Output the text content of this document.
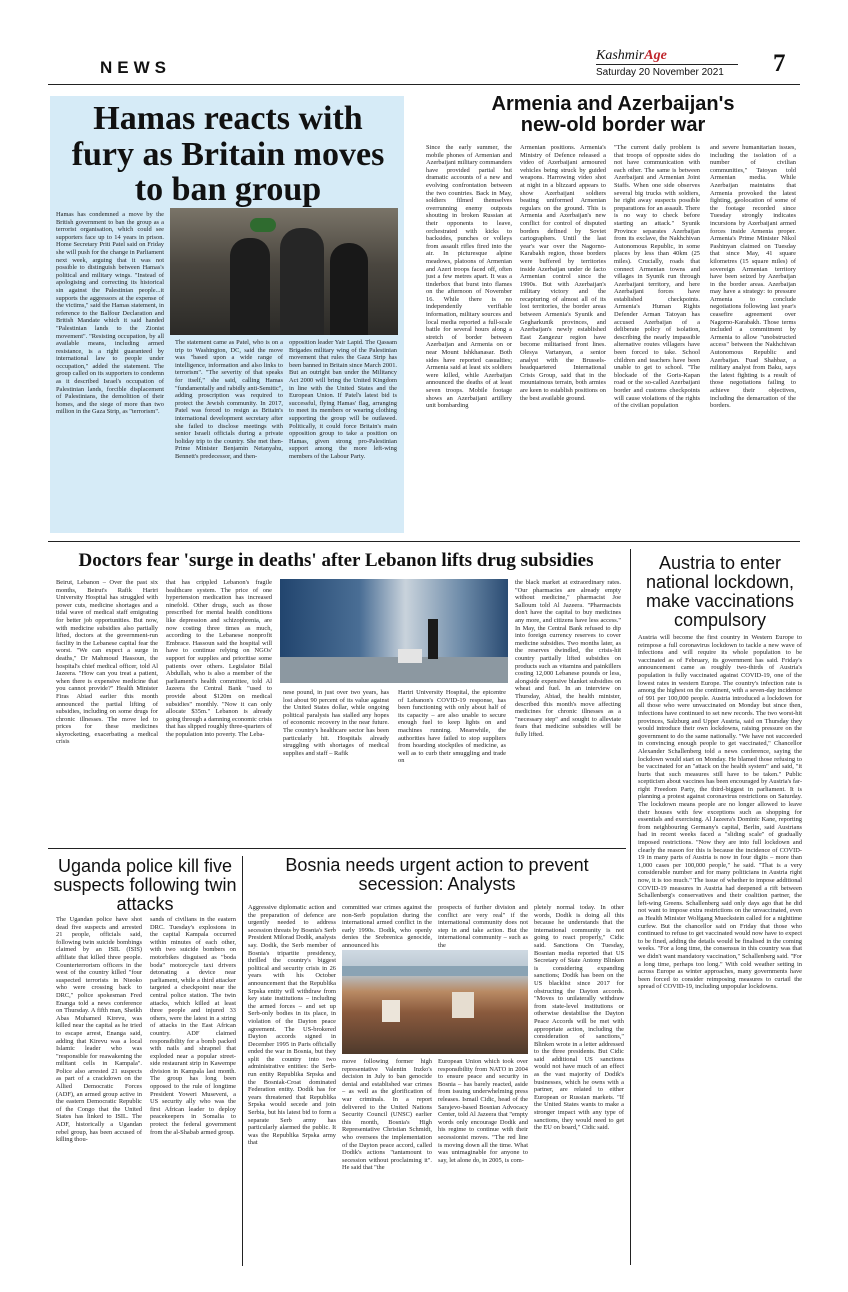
NEWS
KashmirAge
Saturday 20 November 2021 7
Hamas reacts with fury as Britain moves to ban group
Hamas has condemned a move by the British government to ban the group as a terrorist organisation, which could see supporters face up to 14 years in prison. Home Secretary Priti Patel said on Friday she will push for the change in Parliament next week, arguing that it was not possible to distinguish between Hamas's political and military wings. "Instead of apologising and correcting its historical sin against the Palestinian people...it supports the aggressors at the expense of the victims," said the Hamas statement, in reference to the Balfour Declaration and British Mandate which it said handed "Palestinian lands to the Zionist movement". "Resisting occupation, by all available means, including armed resistance, is a right guaranteed by international law to people under occupation," added the statement. The group called on its supporters to condemn as it described Israel's occupation of Palestinian lands, forcible displacement of Palestinians, the demolition of their homes, and the siege of more than two million in the Gaza Strip, as "terrorism".
The statement came as Patel, who is on a trip to Washington, DC, said the move was "based upon a wide range of intelligence, information and also links to terrorism". "The severity of that speaks for itself," she said, calling Hamas "fundamentally and rabidly anti-Semitic", adding proscription was required to protect the Jewish community. In 2017, Patel was forced to resign as Britain's international development secretary after she failed to disclose meetings with senior Israeli officials during a private holiday trip to the country. She met then-Prime Minister Benjamin Netanyahu, Bennett's predecessor, and then-
opposition leader Yair Lapid. The Qassam Brigades military wing of the Palestinian movement that rules the Gaza Strip has been banned in Britain since March 2001. But an outright ban under the Militancy Act 2000 will bring the United Kingdom in line with the United States and the European Union. If Patel's latest bid is successful, flying Hamas' flag, arranging to meet its members or wearing clothing supporting the group will be outlawed. Politically, it could force Britain's main opposition group to take a position on Hamas, given strong pro-Palestinian support among the more left-wing members of the Labour Party.
Armenia and Azerbaijan's new-old border war
Since the early summer, the mobile phones of Armenian and Azerbaijani military commanders have provided partial but dramatic accounts of a new and evolving confrontation between the two countries. Back in May, soldiers filmed themselves overrunning enemy outposts shouting in broken Russian at their opponents to leave, orchestrated with kicks to backsides, punches or volleys from assault rifles fired into the air. In picturesque alpine meadows, platoons of Armenian and Azeri troops faced off, often just a few metres apart. It was a tinderbox that burst into flames on the afternoon of November 16. While there is no independently verifiable information, military sources and local media reported a full-scale battle for several hours along a stretch of border between Azerbaijan and Armenia on or near Mount Ishkhanasar. Both sides have reported casualties; Armenia said at least six soldiers were killed, while Azerbaijan announced the deaths of at least seven troops. Mobile footage shows an Azerbaijani artillery unit bombarding
Armenian positions. Armenia's Ministry of Defence released a video of Azerbaijani armoured vehicles being struck by guided weapons. Harrowing video shot at night in a blizzard appears to show Azerbaijani soldiers beating uniformed Armenian regulars on the ground. This is Armenia and Azerbaijan's new conflict for control of disputed borders defined by Soviet cartographers. Until the last year's war over the Nagorno-Karabakh region, those borders were buffered by territories inside Azerbaijan under de facto Armenian control since the 1990s. But with Azerbaijan's military victory and the recapturing of almost all of its lost territories, the border areas between Armenia's Syunik and Gegharkunik provinces, and Azerbaijan's newly established East Zangezur region have become militarised front lines. Olesya Vartanyan, a senior analyst with the Brussels-headquartered International Crisis Group, said that in the mountainous terrain, both armies are keen to establish positions on the best available ground.
"The current daily problem is that troops of opposite sides do not have communication with each other. The same is between Azerbaijani and Armenian Joint Staffs. When one side observes several big trucks with soldiers, he right away suspects possible preparations for an assault. There is no way to check before starting an attack." Syunik Province separates Azerbaijan from its exclave, the Nakhchivan Autonomous Republic, in some places by less than 40km (25 miles). Crucially, roads that connect Armenian towns and villages in Syunik run through Azerbaijani territory, and here Azerbaijani forces have established checkpoints. Armenia's Human Rights Defender Arman Tatoyan has accused Azerbaijan of a deliberate policy of isolation, describing the nearly impassible alternative routes villagers have been forced to take. School children and teachers have been unable to get to school. "The blockade of the Goris-Kapan road or the so-called Azerbaijani border and customs checkpoints will cause violations of the rights of the civilian population
and severe humanitarian issues, including the isolation of a number of civilian communities," Tatoyan told Armenian media. While Azerbaijan maintains that Armenia provoked the latest fighting, geolocation of some of the footage recorded since Tuesday strongly indicates incursions by Azerbaijani armed forces inside Armenia proper. Armenia's Prime Minister Nikol Pashinyan claimed on Tuesday that since May, 41 square kilometres (15 square miles) of sovereign Armenian territory have been seized by Azerbaijan in the border areas. Azerbaijan may have a strategy: to pressure Armenia to conclude negotiations following last year's ceasefire agreement over Nagorno-Karabakh. Those terms included a commitment by Armenia to allow "unobstructed access" between the Nakhchivan Autonomous Republic and Azerbaijan. Fuad Shahbaz, a military analyst from Baku, says the latest fighting is a result of those negotiations failing to achieve their objectives, including the demarcation of the borders.
Doctors fear 'surge in deaths' after Lebanon lifts drug subsidies
Beirut, Lebanon – Over the past six months, Beirut's Rafik Hariri University Hospital has struggled with power cuts, medicine shortages and a tidal wave of medical staff emigrating for better job opportunities. But now, with medicine subsidies also partially lifted, doctors at the government-run facility in the Lebanese capital fear the worst. "We can expect a surge in deaths," Dr Mahmoud Hassoun, the hospital's chief medical officer, told Al Jazeera. "How can you treat a patient, when there is expensive medicine that you cannot provide?" Health Minister Firas Abiad earlier this month announced the partial lifting of subsidies, including on some drugs for chronic illnesses. The move led to prices for these medicines skyrocketing, exacerbating a medical crisis
that has crippled Lebanon's fragile healthcare system. The price of one hypertension medication has increased ninefold. Other drugs, such as those prescribed for mental health conditions like depression and schizophrenia, are now costing three times as much, according to the Lebanese nonprofit Embrace. Hassoun said the hospital will have to continue relying on NGOs' support for supplies and prioritise some patients over others. Legislator Bilal Abdullah, who is also a member of the parliament's health committee, told Al Jazeera the Central Bank "used to provide about $120m on medical subsidies" monthly. "Now it can only allocate $35m." Lebanon is already going through a damning economic crisis that has slipped roughly three-quarters of the population into poverty. The Leba-
nese pound, in just over two years, has lost about 90 percent of its value against the United States dollar, while ongoing political paralysis has stalled any hopes of economic recovery in the near future. The country's healthcare sector has been particularly hit. Hospitals already struggling with shortages of medical supplies and staff – Rafik
Hariri University Hospital, the epicentre of Lebanon's COVID-19 response, has been functioning with only about half of its capacity – are also unable to secure enough fuel to keep lights on and machines running. Meanwhile, the authorities have failed to stop suppliers from hoarding stockpiles of medicine, as well as to curb their smuggling and trade on
the black market at extraordinary rates. "Our pharmacies are already empty without medicine," pharmacist Joe Salloum told Al Jazeera. "Pharmacists don't have the capital to buy medicines any more, and citizens have less access." In May, the Central Bank refused to dip into foreign currency reserves to cover medicine subsidies. Two months later, as the reserves dwindled, the crisis-hit country partially lifted subsidies on products such as vitamins and painkillers costing 12,000 Lebanese pounds or less, alongside expensive blanket subsidies on wheat and fuel. In an interview on Thursday, Abiad, the health minister, described this month's move affecting medicines for chronic illnesses as a "necessary step" and sought to alleviate fears that medicine subsidies will be fully lifted.
Austria to enter national lockdown, make vaccinations compulsory
Austria will become the first country in Western Europe to reimpose a full coronavirus lockdown to tackle a new wave of infections and will require its whole population to be vaccinated as of February, its government has said. Friday's announcement came as roughly two-thirds of Austria's population is fully vaccinated against COVID-19, one of the lowest rates in western Europe. The country's infection rate is among the highest on the continent, with a seven-day incidence of 991 per 100,000 people. Austria introduced a lockdown for all those who were unvaccinated on Monday but since then, infections have continued to set new records. The two worst-hit provinces, Salzburg and Upper Austria, said on Thursday they would introduce their own lockdowns, raising pressure on the government to do the same nationally. "We have not succeeded in convincing enough people to get vaccinated," Chancellor Alexander Schallenberg told a news conference, saying the lockdown would start on Monday. He blamed those refusing to be vaccinated for an "attack on the health system" and said, "it hurts that such measures still have to be taken." Public scepticism about vaccines has been encouraged by Austria's far-right Freedom Party, the third-biggest in parliament. It is planning a protest against coronavirus restrictions on Saturday. The lockdown means people are no longer allowed to leave their houses with few exceptions such as shopping for essentials and exercising. Al Jazeera's Dominic Kane, reporting from neighbouring Germany's capital, Berlin, said Austrians had in recent weeks faced a "sliding scale" of gradually imposed restrictions. "Now they are into full lockdown and clearly the reason for this is because the incidence of COVID-19 in many parts of Austria is now in four digits – more than 1,000 cases per 100,000 people," he said. "That is a very considerable number and for many politicians in Austria right now, it is too much." The issue of whether to impose additional COVID-19 measures in Austria had deepened a rift between Schallenberg's conservatives and their coalition partner, the left-wing Greens. Schallenberg said only days ago that he did not want to impose extra restrictions on the unvaccinated, even as Health Minister Wolfgang Mueckstein called for a nighttime curfew. But the chancellor said on Friday that those who continued to refuse to get vaccinated would now have to expect to be fined, adding the details would be finalised in the coming weeks. "For a long time, the consensus in this country was that we didn't want mandatory vaccination," Schallenberg said. "For a long time, perhaps too long." With cold weather setting in across Europe as winter approaches, many governments have been forced to consider reimposing measures to curtail the spread of COVID-19, including unpopular lockdowns.
Uganda police kill five suspects following twin attacks
The Ugandan police have shot dead five suspects and arrested 21 people, officials said, following twin suicide bombings claimed by an ISIL (ISIS) affiliate that killed three people. Counterterrorism officers in the west of the country killed "four suspected terrorists in Nteoko who were crossing back to DRC," police spokesman Fred Enanga told a news conference on Thursday. A fifth man, Sheikh Abas Muhamed Kirevu, was killed near the capital as he tried to escape arrest, Enanga said, adding that Kirevu was a local Islamic leader who was "responsible for reawakening the militant cells in Kampala". Police also arrested 21 suspects as part of a crackdown on the Allied Democratic Forces (ADF), an armed group active in the eastern Democratic Republic of the Congo that the United States has linked to ISIL. The ADF, historically a Ugandan rebel group, has been accused of killing thou-
sands of civilians in the eastern DRC. Tuesday's explosions in the capital Kampala occurred within minutes of each other, with two suicide bombers on motorbikes disguised as "boda boda" motorcycle taxi drivers detonating a device near parliament, while a third attacker targeted a checkpoint near the central police station. The twin attacks, which killed at least three people and injured 33 others, were the latest in a string of attacks in the East African country. ADF claimed responsibility for a bomb packed with nails and shrapnel that exploded near a popular street-side restaurant strip in Kawempe division in Kampala last month. The group has long been opposed to the rule of longtime President Yoweri Museveni, a US security ally who was the first African leader to deploy peacekeepers in Somalia to protect the federal government from the al-Shabab armed group.
Bosnia needs urgent action to prevent secession: Analysts
Aggressive diplomatic action and the preparation of defence are urgently needed to address secession threats by Bosnia's Serb President Milorad Dodik, analysts say. Dodik, the Serb member of Bosnia's tripartite presidency, thrilled the country's biggest political and security crisis in 26 years with his October announcement that the Republika Srpska entity will withdraw from key state institutions – including the armed forces – and set up Serb-only bodies in its place, in violation of the Dayton peace agreement. The US-brokered Dayton accords signed in December 1995 in Paris officially ended the war in Bosnia, but they split the country into two administrative entities: the Serb-run entity Republika Srpska and the Bosniak-Croat dominated Federation entity. Dodik has for years threatened that Republika Srpska would secede and join Serbia, but his latest bid to form a separate Serb army has particularly alarmed the public. It was the Republika Srpska army that
committed war crimes against the non-Serb population during the international armed conflict in the early 1990s. Dodik, who openly denies the Srebrenica genocide, announced his
prospects of further division and conflict are very real" if the international community does not step in and take action. But the international community – such as the
move following former high representative Valentin Inzko's decision in July to ban genocide denial and established war crimes – as well as the glorification of war criminals. In a report delivered to the United Nations Security Council (UNSC) earlier this month, Bosnia's High Representative Christian Schmidt, who oversees the implementation of the Dayton peace accord, called Dodik's actions "tantamount to secession without proclaiming it". He said that "the
European Union which took over responsibility from NATO in 2004 to ensure peace and security in Bosnia – has barely reacted, aside from issuing underwhelming press releases. Ismail Cidic, head of the Sarajevo-based Bosnian Advocacy Center, told Al Jazeera that "empty words only encourage Dodik and his regime to continue with their secessionist moves. "The red line is moving down all the time. What was unimaginable for anyone to say, let alone do, in 2005, is com-
pletely normal today. In other words, Dodik is doing all this because he understands that the international community is not going to react properly," Cidic said. Sanctions On Tuesday, Bosnian media reported that US Secretary of State Antony Blinken is considering expanding sanctions; Dodik has been on the US blacklist since 2017 for obstructing the Dayton accords. "Moves to unilaterally withdraw from state-level institutions or otherwise destabilise the Dayton Peace Accords will be met with appropriate action, including the consideration of sanctions," Blinken wrote in a letter addressed to the three presidents. But Cidic said additional US sanctions would not have much of an effect as the vast majority of Dodik's businesses, which he owns with a partner, are related to either European or Russian markets. "If the United States wants to make a stronger impact with any type of sanctions, they would need to get the EU on board," Cidic said.
